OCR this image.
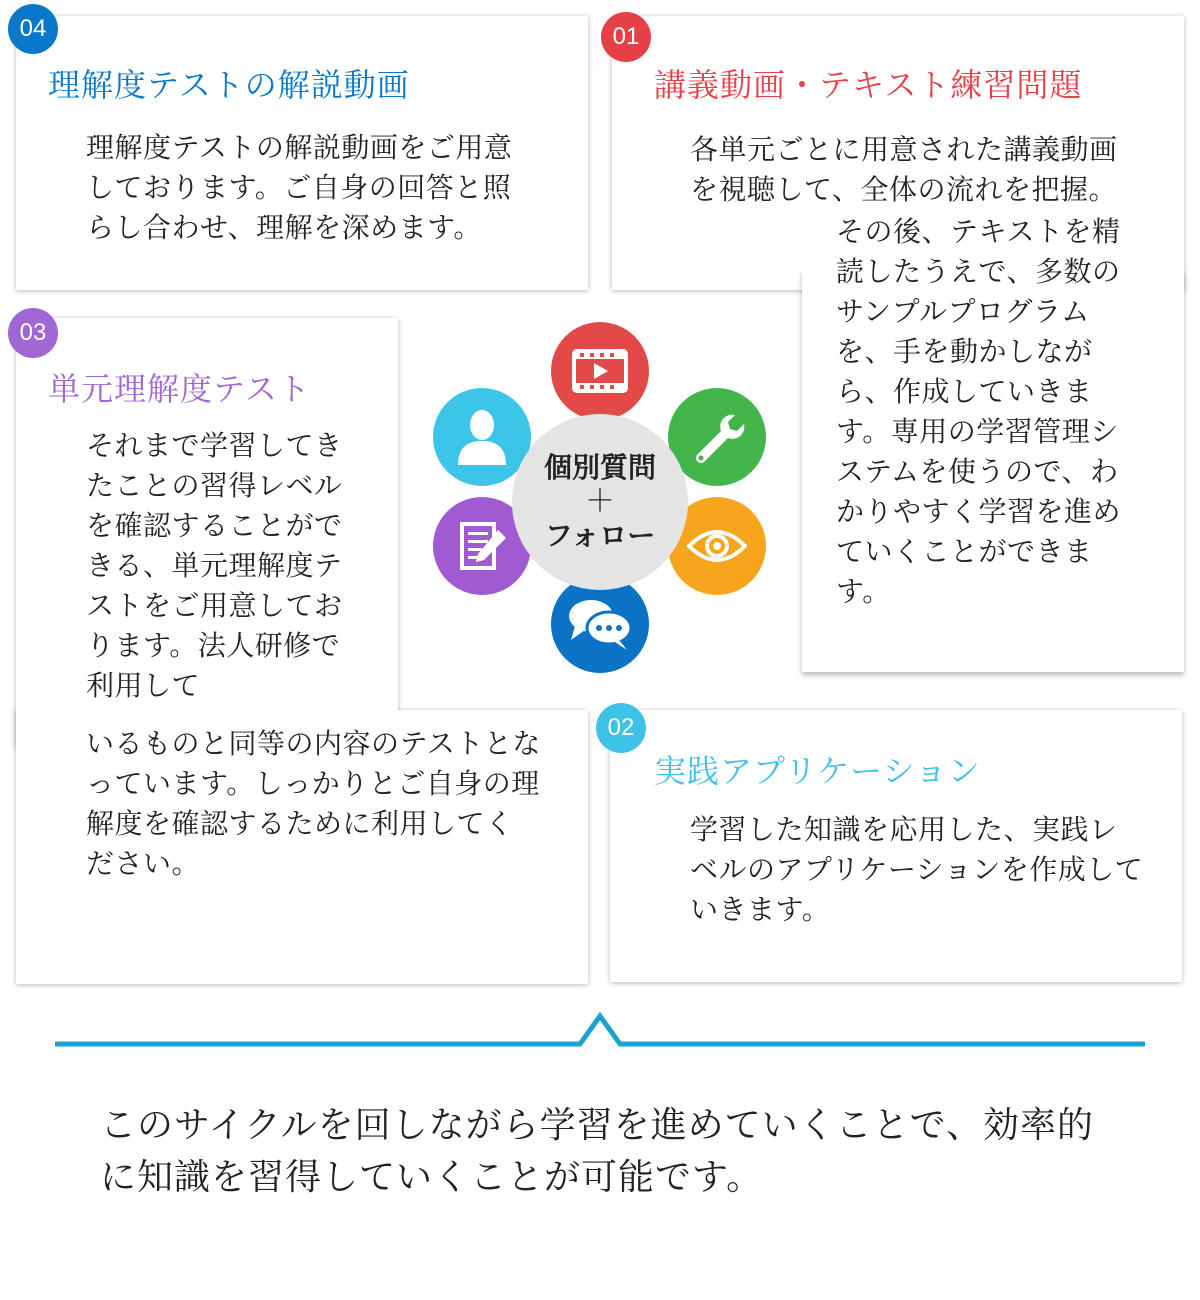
04
理解度テストの解説動画

理解度テストの解説動画をご用意しております。ご自身の回答と照らし合わせ、理解を深めます。

01
講義動画・テキスト練習問題

各単元ごとに用意された講義動画を視聴して、全体の流れを把握。

その後、テキストを精読したうえで、多数のサンプルプログラムを、手を動かしながら、作成していきます。専用の学習管理システムを使うので、わかりやすく学習を進めていくことができます。

03
単元理解度テスト

それまで学習してきたことの習得レベルを確認することができる、単元理解度テストをご用意しております。法人研修で利用して

いるものと同等の内容のテストとなっています。しっかりとご自身の理解度を確認するために利用してください。

02
実践アプリケーション

学習した知識を応用した、実践レベルのアプリケーションを作成していきます。

個別質問
＋
フォロー

このサイクルを回しながら学習を進めていくことで、効率的に知識を習得していくことが可能です。
